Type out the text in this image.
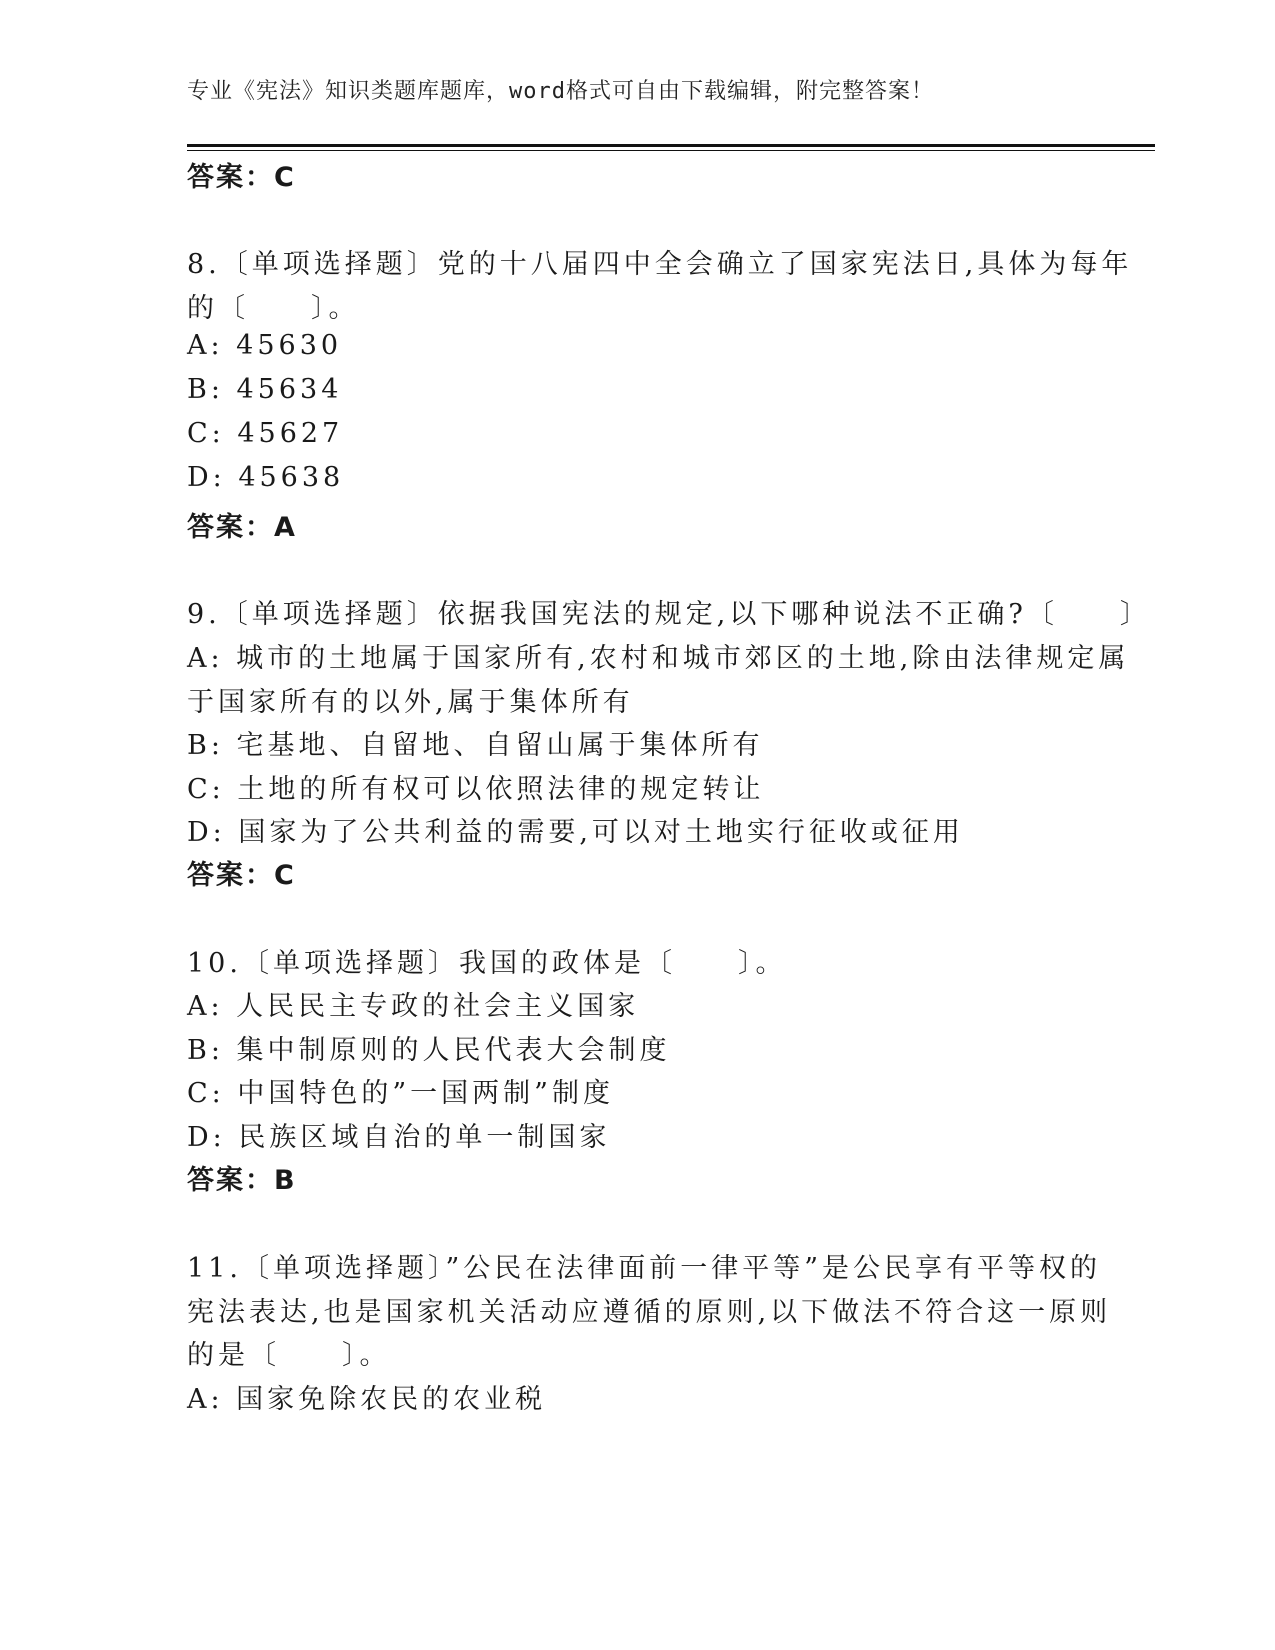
专业《宪法》知识类题库题库，word格式可自由下载编辑，附完整答案！
答案：C
8.〔单项选择题〕党的十八届四中全会确立了国家宪法日,具体为每年
的〔　　〕。
A: 45630
B: 45634
C: 45627
D: 45638
答案：A
9.〔单项选择题〕依据我国宪法的规定,以下哪种说法不正确?〔　　〕
A: 城市的土地属于国家所有,农村和城市郊区的土地,除由法律规定属
于国家所有的以外,属于集体所有
B: 宅基地、自留地、自留山属于集体所有
C: 土地的所有权可以依照法律的规定转让
D: 国家为了公共利益的需要,可以对土地实行征收或征用
答案：C
10.〔单项选择题〕我国的政体是〔　　〕。
A: 人民民主专政的社会主义国家
B: 集中制原则的人民代表大会制度
C: 中国特色的”一国两制”制度
D: 民族区域自治的单一制国家
答案：B
11.〔单项选择题〕”公民在法律面前一律平等”是公民享有平等权的
宪法表达,也是国家机关活动应遵循的原则,以下做法不符合这一原则
的是〔　　〕。
A: 国家免除农民的农业税
